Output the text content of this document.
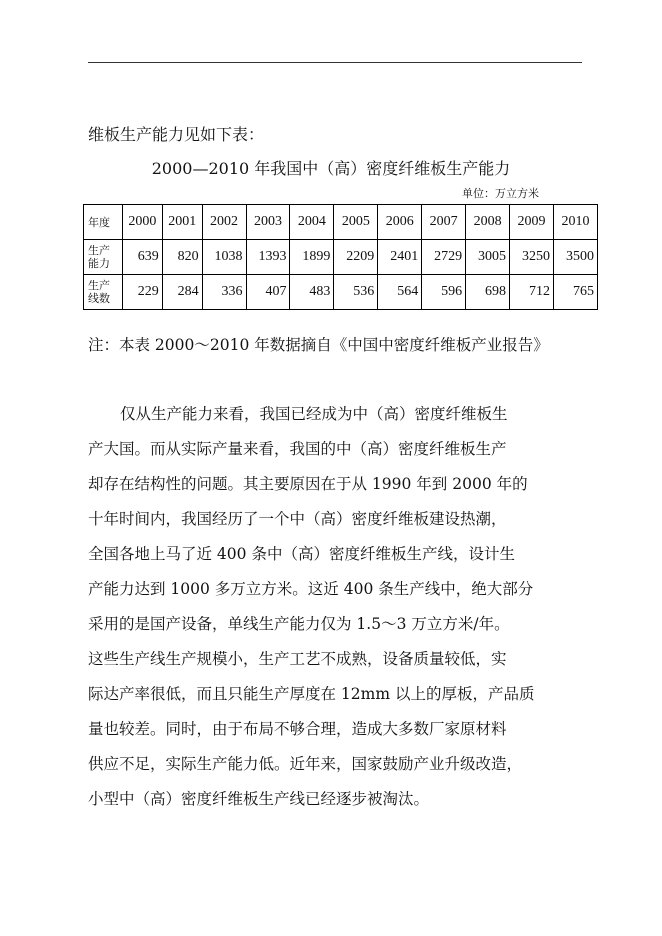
维板生产能力见如下表：
2000—2010 年我国中（高）密度纤维板生产能力
单位：万立方米
年度	2000	2001	2002	2003	2004	2005	2006	2007	2008	2009	2010

生产
能力	639	820	1038	1393	1899	2209	2401	2729	3005	3250	3500

生产
线数	229	284	336	407	483	536	564	596	698	712	765
注：本表 2000～2010 年数据摘自《中国中密度纤维板产业报告》
仅从生产能力来看，我国已经成为中（高）密度纤维板生
产大国。而从实际产量来看，我国的中（高）密度纤维板生产
却存在结构性的问题。其主要原因在于从 1990 年到 2000 年的
十年时间内，我国经历了一个中（高）密度纤维板建设热潮，
全国各地上马了近 400 条中（高）密度纤维板生产线，设计生
产能力达到 1000 多万立方米。这近 400 条生产线中，绝大部分
采用的是国产设备，单线生产能力仅为 1.5～3 万立方米/年。
这些生产线生产规模小，生产工艺不成熟，设备质量较低，实
际达产率很低，而且只能生产厚度在 12mm 以上的厚板，产品质
量也较差。同时，由于布局不够合理，造成大多数厂家原材料
供应不足，实际生产能力低。近年来，国家鼓励产业升级改造，
小型中（高）密度纤维板生产线已经逐步被淘汰。
